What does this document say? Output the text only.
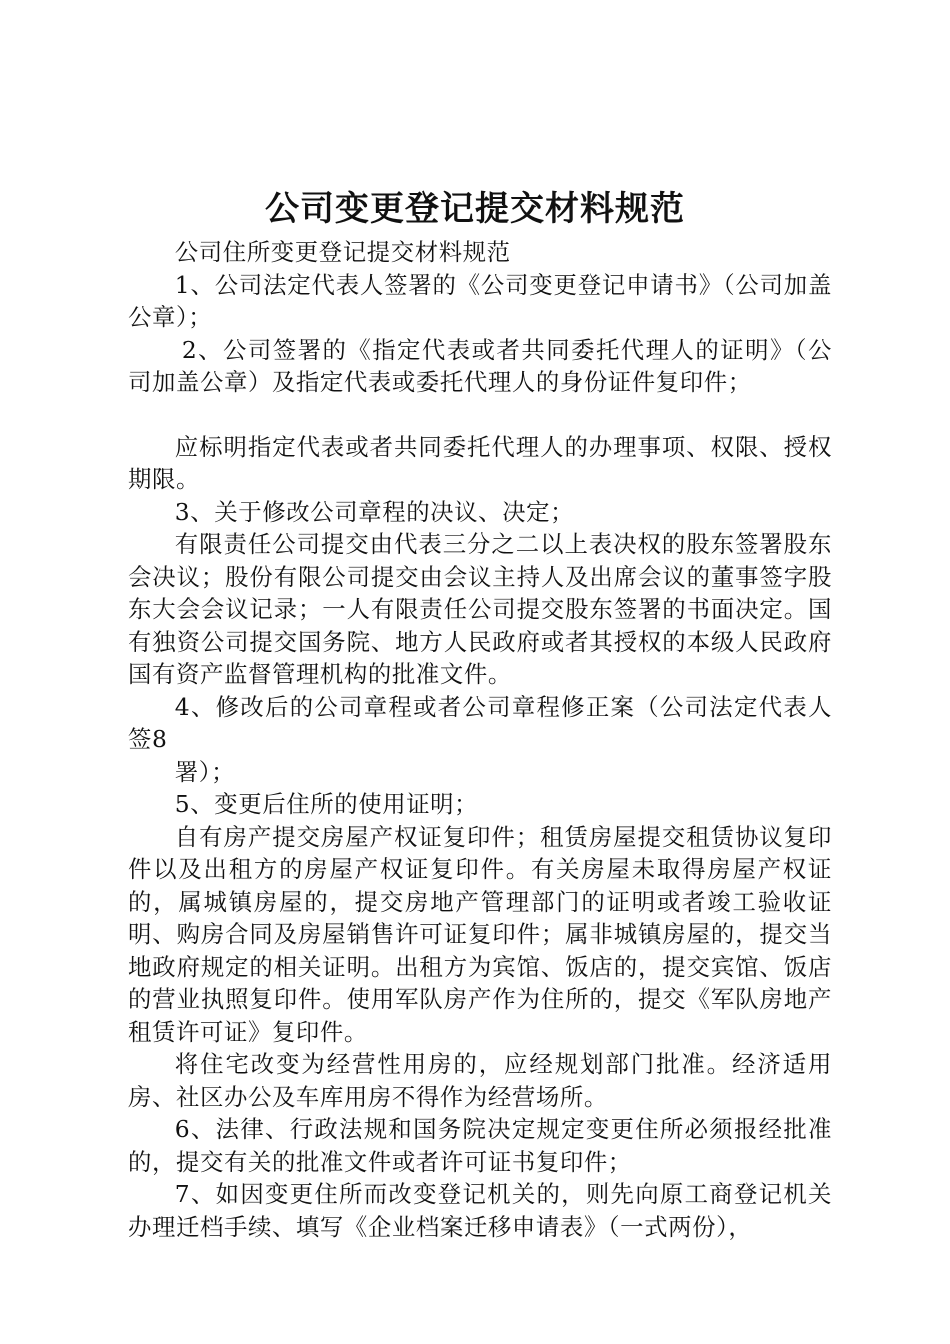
公司变更登记提交材料规范

公司住所变更登记提交材料规范

1、公司法定代表人签署的《公司变更登记申请书》（公司加盖公章）；

2、公司签署的《指定代表或者共同委托代理人的证明》（公司加盖公章）及指定代表或委托代理人的身份证件复印件；

应标明指定代表或者共同委托代理人的办理事项、权限、授权期限。

3、关于修改公司章程的决议、决定；

有限责任公司提交由代表三分之二以上表决权的股东签署股东会决议；股份有限公司提交由会议主持人及出席会议的董事签字股东大会会议记录；一人有限责任公司提交股东签署的书面决定。国有独资公司提交国务院、地方人民政府或者其授权的本级人民政府国有资产监督管理机构的批准文件。

4、修改后的公司章程或者公司章程修正案（公司法定代表人签8

署）；

5、变更后住所的使用证明；

自有房产提交房屋产权证复印件；租赁房屋提交租赁协议复印件以及出租方的房屋产权证复印件。有关房屋未取得房屋产权证的，属城镇房屋的，提交房地产管理部门的证明或者竣工验收证明、购房合同及房屋销售许可证复印件；属非城镇房屋的，提交当地政府规定的相关证明。出租方为宾馆、饭店的，提交宾馆、饭店的营业执照复印件。使用军队房产作为住所的，提交《军队房地产租赁许可证》复印件。

将住宅改变为经营性用房的，应经规划部门批准。经济适用房、社区办公及车库用房不得作为经营场所。

6、法律、行政法规和国务院决定规定变更住所必须报经批准的，提交有关的批准文件或者许可证书复印件；

7、如因变更住所而改变登记机关的，则先向原工商登记机关办理迁档手续、填写《企业档案迁移申请表》（一式两份），
